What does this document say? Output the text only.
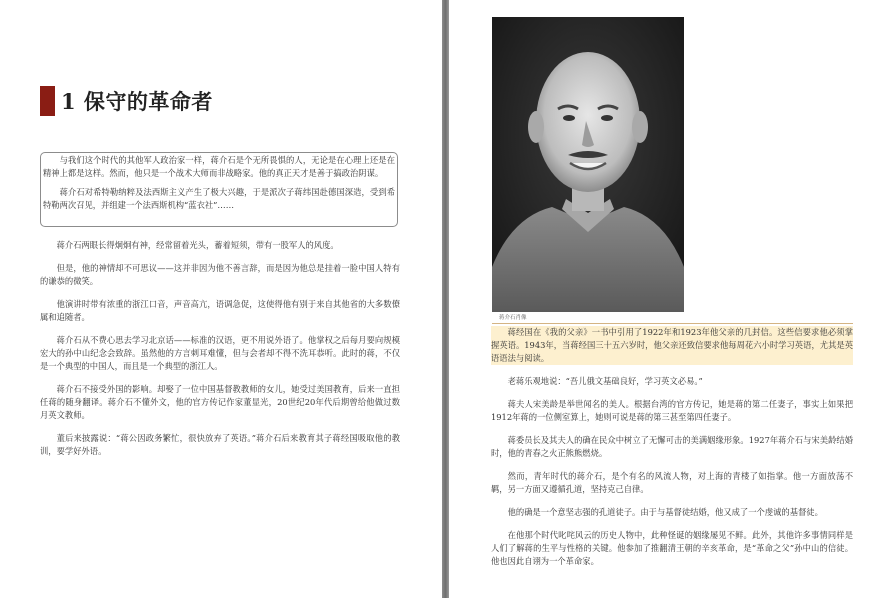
1 保守的革命者

与我们这个时代的其他军人政治家一样，蒋介石是个无所畏惧的人，无论是在心理上还是在精神上都是这样。然而，他只是一个战术大师而非战略家。他的真正天才是善于搞政治阴谋。

蒋介石对希特勒纳粹及法西斯主义产生了极大兴趣，于是派次子蒋纬国赴德国深造，受到希特勒两次召见，并组建一个法西斯机构“蓝衣社”……

蒋介石两眼长得炯炯有神，经常留着光头，蓄着短须，带有一股军人的风度。

但是，他的神情却不可思议——这并非因为他不善言辞，而是因为他总是挂着一脸中国人特有的谦恭的微笑。

他演讲时带有浓重的浙江口音，声音高亢，语调急促，这使得他有别于来自其他省的大多数僚属和追随者。

蒋介石从不费心思去学习北京话——标准的汉语，更不用说外语了。他掌权之后每月要向规模宏大的孙中山纪念会致辞。虽然他的方言刺耳难懂，但与会者却不得不洗耳恭听。此时的蒋，不仅是一个典型的中国人，而且是一个典型的浙江人。

蒋介石不接受外国的影响。却娶了一位中国基督教教师的女儿，她受过美国教育，后来一直担任蒋的随身翻译。蒋介石不懂外文，他的官方传记作家董显光，20世纪20年代后期曾给他做过数月英文教师。

董后来披露说：“蒋公因政务繁忙，很快放弃了英语。”蒋介石后来教育其子蒋经国吸取他的教训，要学好外语。

蒋介石肖像

蒋经国在《我的父亲》一书中引用了1922年和1923年他父亲的几封信。这些信要求他必须掌握英语。1943年，当蒋经国三十五六岁时，他父亲还致信要求他每周花六小时学习英语，尤其是英语语法与阅读。

老蒋乐观地说：“吾儿俄文基础良好，学习英文必易。”

蒋夫人宋美龄是举世闻名的美人。根据台湾的官方传记，她是蒋的第二任妻子，事实上如果把1912年蒋的一位侧室算上，她则可说是蒋的第三甚至第四任妻子。

蒋委员长及其夫人的确在民众中树立了无懈可击的美满姻缘形象。1927年蒋介石与宋美龄结婚时，他的青春之火正熊熊燃烧。

然而，青年时代的蒋介石，是个有名的风流人物，对上海的青楼了如指掌。他一方面放荡不羁，另一方面又遵循孔道，坚持克己自律。

他的确是一个意坚志强的孔道徒子。由于与基督徒结婚，他又成了一个虔诚的基督徒。

在他那个时代叱咤风云的历史人物中，此种怪诞的姻缘屡见不鲜。此外，其他许多事情同样是人们了解蒋的生平与性格的关键。他参加了推翻清王朝的辛亥革命，是“革命之父”孙中山的信徒。他也因此自诩为一个革命家。
